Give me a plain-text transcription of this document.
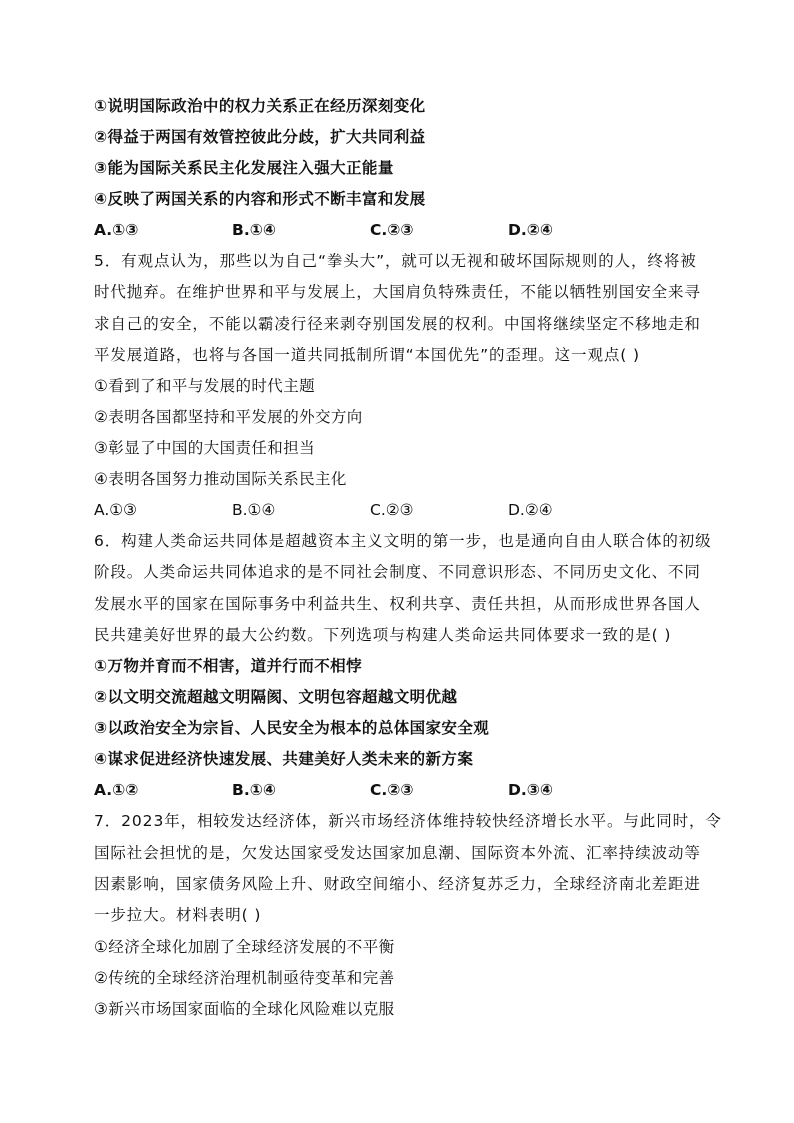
①说明国际政治中的权力关系正在经历深刻变化
②得益于两国有效管控彼此分歧，扩大共同利益
③能为国际关系民主化发展注入强大正能量
④反映了两国关系的内容和形式不断丰富和发展
A.①③	B.①④	C.②③	D.②④
5．有观点认为，那些以为自己“拳头大”，就可以无视和破坏国际规则的人，终将被
时代抛弃。在维护世界和平与发展上，大国肩负特殊责任，不能以牺牲别国安全来寻
求自己的安全，不能以霸凌行径来剥夺别国发展的权利。中国将继续坚定不移地走和
平发展道路，也将与各国一道共同抵制所谓“本国优先”的歪理。这一观点( )
①看到了和平与发展的时代主题
②表明各国都坚持和平发展的外交方向
③彰显了中国的大国责任和担当
④表明各国努力推动国际关系民主化
A.①③	B.①④	C.②③	D.②④
6．构建人类命运共同体是超越资本主义文明的第一步，也是通向自由人联合体的初级
阶段。人类命运共同体追求的是不同社会制度、不同意识形态、不同历史文化、不同
发展水平的国家在国际事务中利益共生、权利共享、责任共担，从而形成世界各国人
民共建美好世界的最大公约数。下列选项与构建人类命运共同体要求一致的是( )
①万物并育而不相害，道并行而不相悖
②以文明交流超越文明隔阂、文明包容超越文明优越
③以政治安全为宗旨、人民安全为根本的总体国家安全观
④谋求促进经济快速发展、共建美好人类未来的新方案
A.①②	B.①④	C.②③	D.③④
7．2023年，相较发达经济体，新兴市场经济体维持较快经济增长水平。与此同时，令
国际社会担忧的是，欠发达国家受发达国家加息潮、国际资本外流、汇率持续波动等
因素影响，国家债务风险上升、财政空间缩小、经济复苏乏力，全球经济南北差距进
一步拉大。材料表明( )
①经济全球化加剧了全球经济发展的不平衡
②传统的全球经济治理机制亟待变革和完善
③新兴市场国家面临的全球化风险难以克服
